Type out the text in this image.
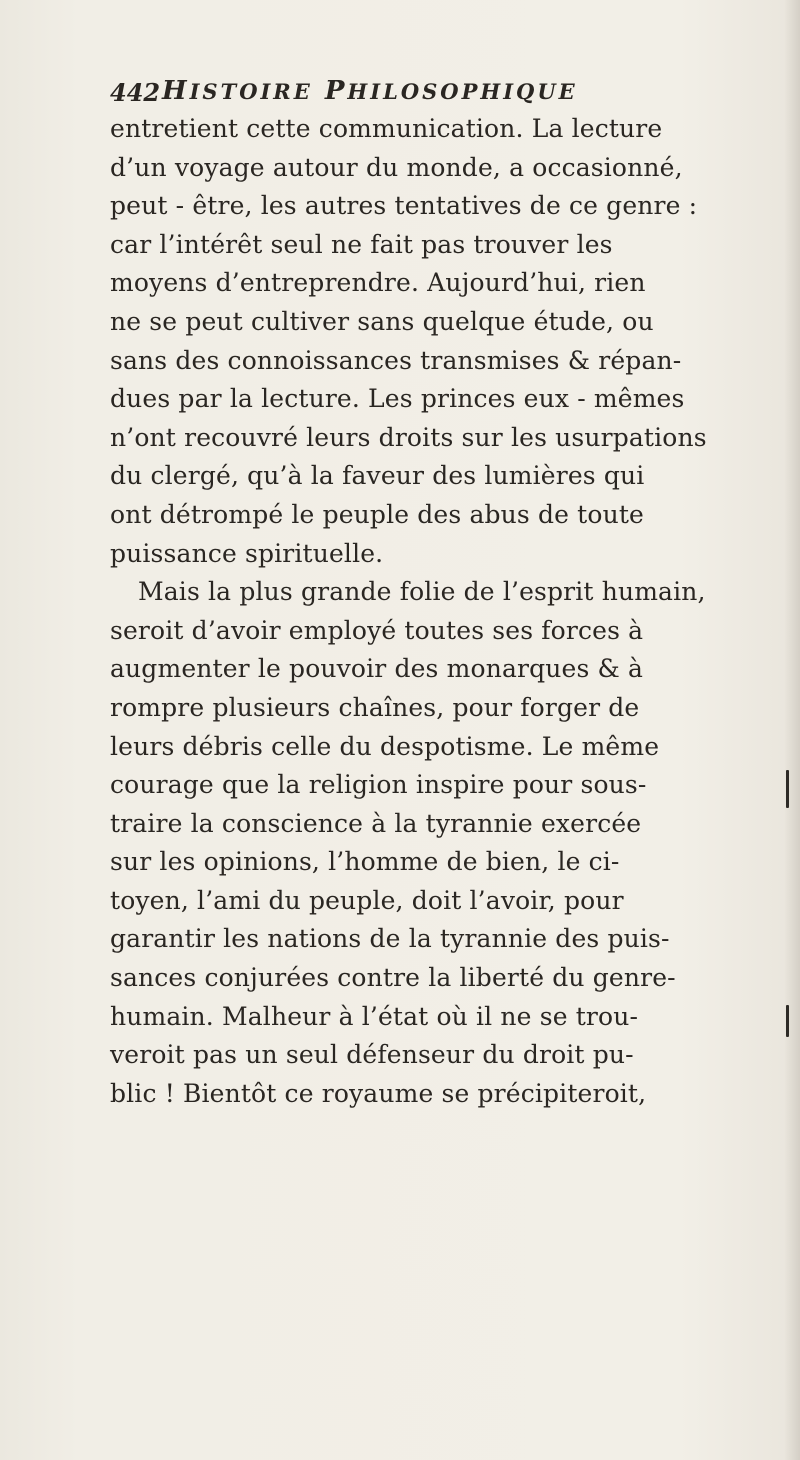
442 HISTOIRE PHILOSOPHIQUE
entretient cette communication. La lecture
d’un voyage autour du monde, a occasionné,
peut - être, les autres tentatives de ce genre :
car l’intérêt seul ne fait pas trouver les
moyens d’entreprendre. Aujourd’hui, rien
ne se peut cultiver sans quelque étude, ou
sans des connoissances transmises & répan-
dues par la lecture. Les princes eux - mêmes
n’ont recouvré leurs droits sur les usurpations
du clergé, qu’à la faveur des lumières qui
ont détrompé le peuple des abus de toute
puissance spirituelle.
Mais la plus grande folie de l’esprit humain,
seroit d’avoir employé toutes ses forces à
augmenter le pouvoir des monarques & à
rompre plusieurs chaînes, pour forger de
leurs débris celle du despotisme. Le même
courage que la religion inspire pour sous-
traire la conscience à la tyrannie exercée
sur les opinions, l’homme de bien, le ci-
toyen, l’ami du peuple, doit l’avoir, pour
garantir les nations de la tyrannie des puis-
sances conjurées contre la liberté du genre-
humain. Malheur à l’état où il ne se trou-
veroit pas un seul défenseur du droit pu-
blic ! Bientôt ce royaume se précipiteroit,
